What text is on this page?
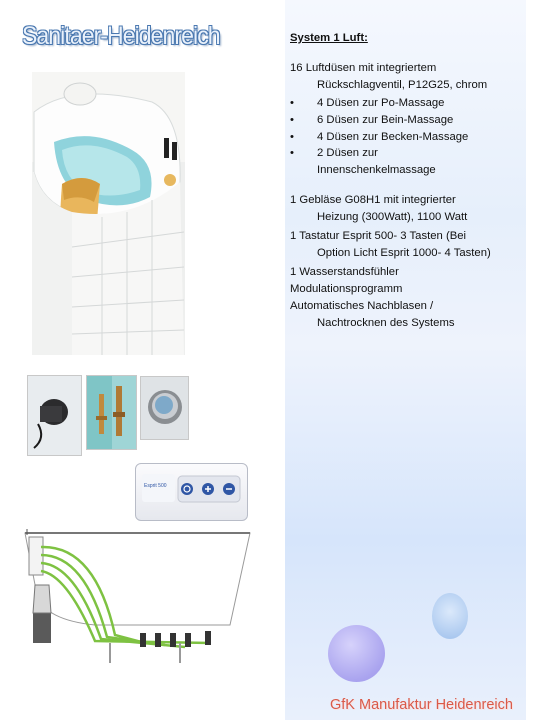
Sanitaer-Heidenreich
Esprit 500
System 1 Luft:

16 Luftdüsen mit integriertem
Rückschlagventil, P12G25, chrom

• 4 Düsen zur Po-Massage
• 6 Düsen zur Bein-Massage
• 4 Düsen zur Becken-Massage
• 2 Düsen zur
Innenschenkelmassage

1 Gebläse G08H1 mit integrierter
Heizung (300Watt), 1100 Watt

1 Tastatur Esprit 500- 3 Tasten (Bei
Option Licht Esprit 1000- 4 Tasten)

1 Wasserstandsfühler

Modulationsprogramm

Automatisches Nachblasen /
Nachtrocknen des Systems

GfK Manufaktur Heidenreich
